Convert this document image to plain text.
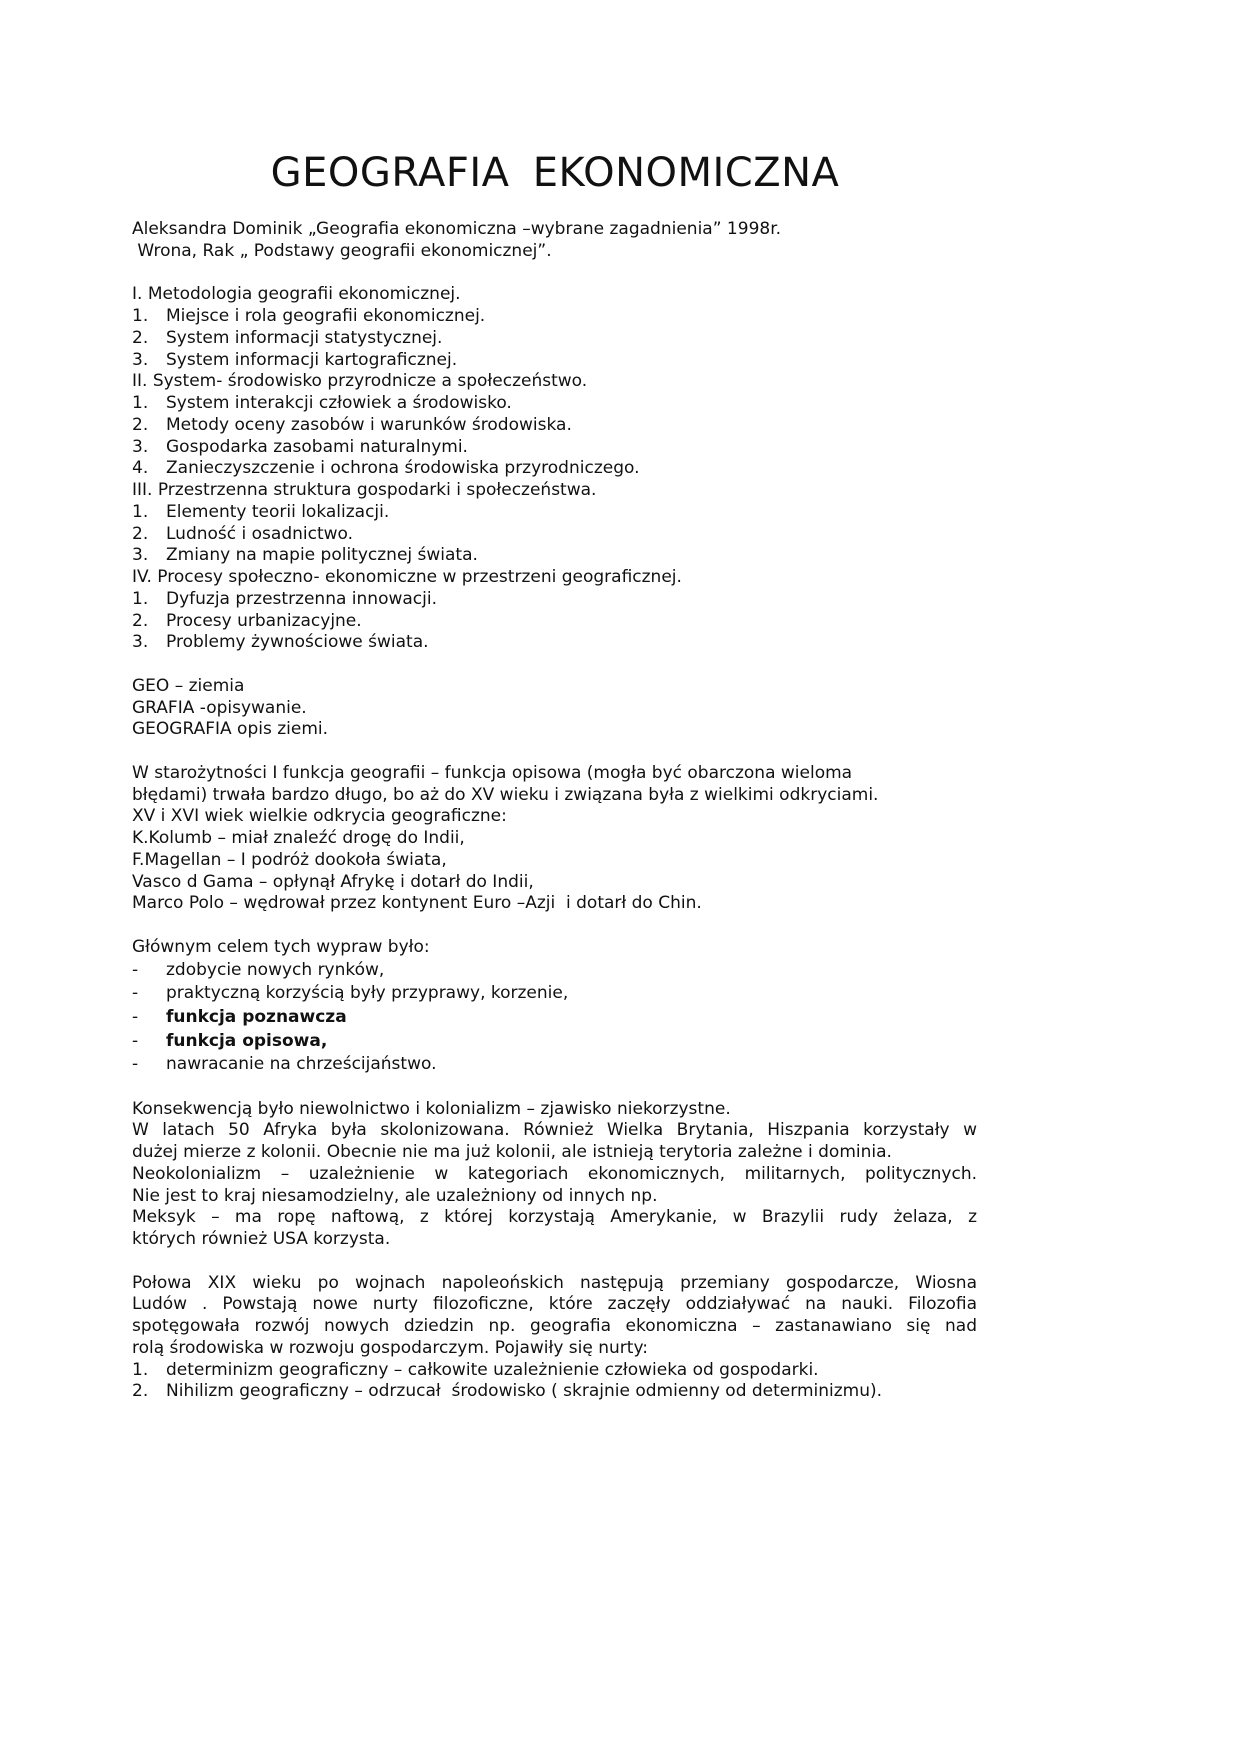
GEOGRAFIA EKONOMICZNA
Aleksandra Dominik „Geografia ekonomiczna –wybrane zagadnienia” 1998r.
Wrona, Rak „ Podstawy geografii ekonomicznej”.
I. Metodologia geografii ekonomicznej.
1. Miejsce i rola geografii ekonomicznej.
2. System informacji statystycznej.
3. System informacji kartograficznej.
II. System- środowisko przyrodnicze a społeczeństwo.
1. System interakcji człowiek a środowisko.
2. Metody oceny zasobów i warunków środowiska.
3. Gospodarka zasobami naturalnymi.
4. Zanieczyszczenie i ochrona środowiska przyrodniczego.
III. Przestrzenna struktura gospodarki i społeczeństwa.
1. Elementy teorii lokalizacji.
2. Ludność i osadnictwo.
3. Zmiany na mapie politycznej świata.
IV. Procesy społeczno- ekonomiczne w przestrzeni geograficznej.
1. Dyfuzja przestrzenna innowacji.
2. Procesy urbanizacyjne.
3. Problemy żywnościowe świata.
GEO – ziemia
GRAFIA -opisywanie.
GEOGRAFIA opis ziemi.
W starożytności I funkcja geografii – funkcja opisowa (mogła być obarczona wieloma
błędami) trwała bardzo długo, bo aż do XV wieku i związana była z wielkimi odkryciami.
XV i XVI wiek wielkie odkrycia geograficzne:
K.Kolumb – miał znaleźć drogę do Indii,
F.Magellan – I podróż dookoła świata,
Vasco d Gama – opłynął Afrykę i dotarł do Indii,
Marco Polo – wędrował przez kontynent Euro –Azji  i dotarł do Chin.
Głównym celem tych wypraw było:
- zdobycie nowych rynków,
- praktyczną korzyścią były przyprawy, korzenie,
- funkcja poznawcza
- funkcja opisowa,
- nawracanie na chrześcijaństwo.
Konsekwencją było niewolnictwo i kolonializm – zjawisko niekorzystne.
W latach 50 Afryka była skolonizowana. Również Wielka Brytania, Hiszpania korzystały w
dużej mierze z kolonii. Obecnie nie ma już kolonii, ale istnieją terytoria zależne i dominia.
Neokolonializm – uzależnienie w kategoriach ekonomicznych, militarnych, politycznych.
Nie jest to kraj niesamodzielny, ale uzależniony od innych np.
Meksyk – ma ropę naftową, z której korzystają Amerykanie, w Brazylii rudy żelaza, z
których również USA korzysta.
Połowa XIX wieku po wojnach napoleońskich następują przemiany gospodarcze, Wiosna
Ludów . Powstają nowe nurty filozoficzne, które zaczęły oddziaływać na nauki. Filozofia
spotęgowała rozwój nowych dziedzin np. geografia ekonomiczna – zastanawiano się nad
rolą środowiska w rozwoju gospodarczym. Pojawiły się nurty:
1. determinizm geograficzny – całkowite uzależnienie człowieka od gospodarki.
2. Nihilizm geograficzny – odrzucał  środowisko ( skrajnie odmienny od determinizmu).
